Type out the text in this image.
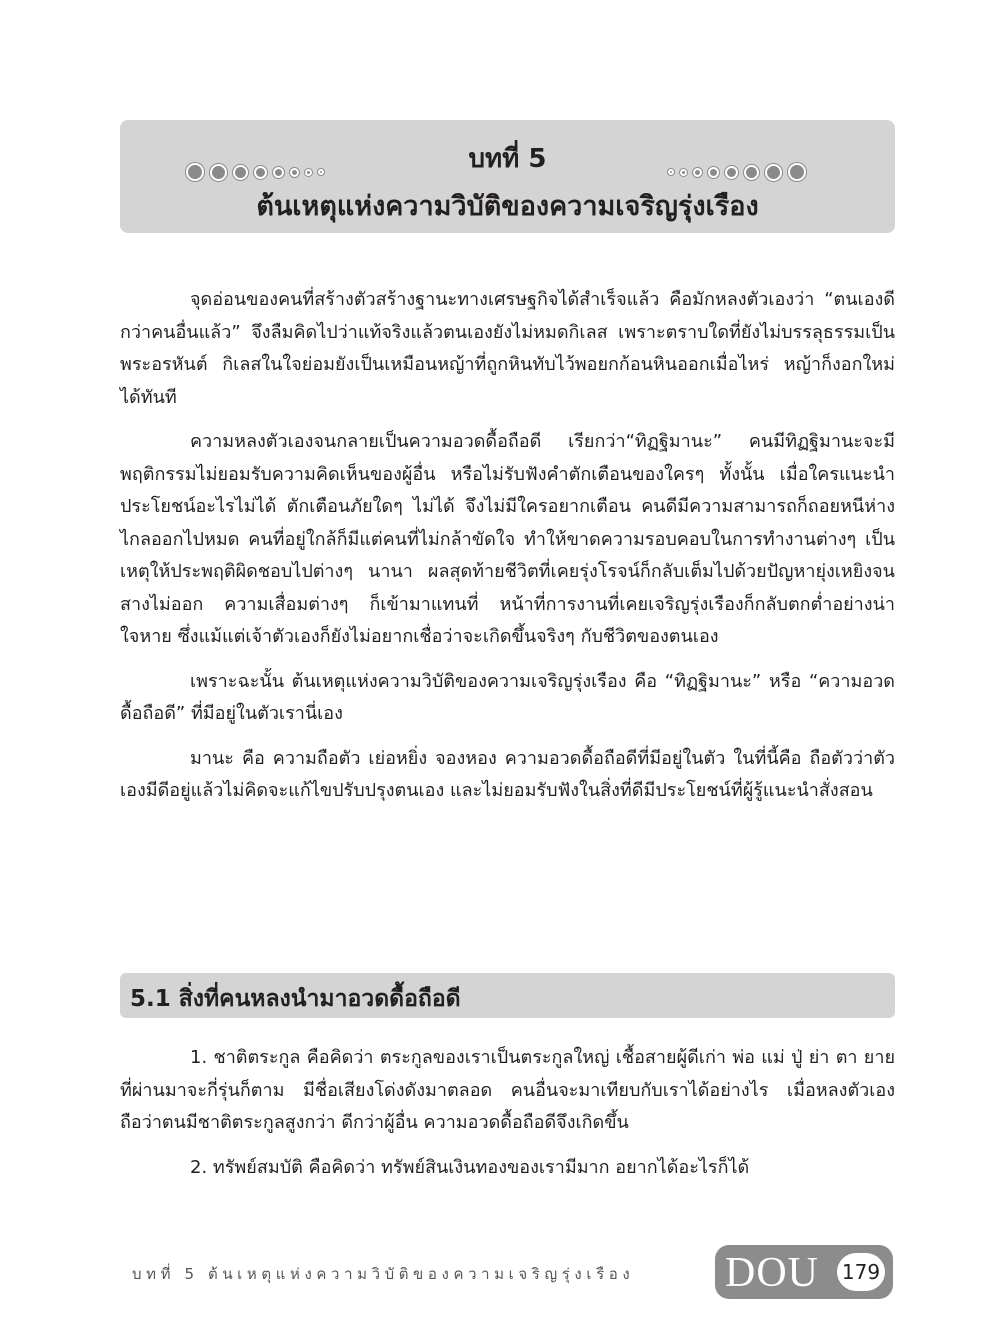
บทที่ 5
ต้นเหตุแห่งความวิบัติของความเจริญรุ่งเรือง

จุดอ่อนของคนที่สร้างตัวสร้างฐานะทางเศรษฐกิจได้สำเร็จแล้ว คือมักหลงตัวเองว่า “ตนเองดีกว่าคนอื่นแล้ว” จึงลืมคิดไปว่าแท้จริงแล้วตนเองยังไม่หมดกิเลส เพราะตราบใดที่ยังไม่บรรลุธรรมเป็นพระอรหันต์ กิเลสในใจย่อมยังเป็นเหมือนหญ้าที่ถูกหินทับไว้พอยกก้อนหินออกเมื่อไหร่ หญ้าก็งอกใหม่ได้ทันที

ความหลงตัวเองจนกลายเป็นความอวดดื้อถือดี เรียกว่า“ทิฏฐิมานะ” คนมีทิฏฐิมานะจะมีพฤติกรรมไม่ยอมรับความคิดเห็นของผู้อื่น หรือไม่รับฟังคำตักเตือนของใครๆ ทั้งนั้น เมื่อใครแนะนำประโยชน์อะไรไม่ได้ ตักเตือนภัยใดๆ ไม่ได้ จึงไม่มีใครอยากเตือน คนดีมีความสามารถก็ถอยหนีห่างไกลออกไปหมด คนที่อยู่ใกล้ก็มีแต่คนที่ไม่กล้าขัดใจ ทำให้ขาดความรอบคอบในการทำงานต่างๆ เป็นเหตุให้ประพฤติผิดชอบไปต่างๆ นานา ผลสุดท้ายชีวิตที่เคยรุ่งโรจน์ก็กลับเต็มไปด้วยปัญหายุ่งเหยิงจนสางไม่ออก ความเสื่อมต่างๆ ก็เข้ามาแทนที่ หน้าที่การงานที่เคยเจริญรุ่งเรืองก็กลับตกต่ำอย่างน่าใจหาย ซึ่งแม้แต่เจ้าตัวเองก็ยังไม่อยากเชื่อว่าจะเกิดขึ้นจริงๆ กับชีวิตของตนเอง

เพราะฉะนั้น ต้นเหตุแห่งความวิบัติของความเจริญรุ่งเรือง คือ “ทิฏฐิมานะ” หรือ “ความอวดดื้อถือดี” ที่มีอยู่ในตัวเรานี่เอง

มานะ คือ ความถือตัว เย่อหยิ่ง จองหอง ความอวดดื้อถือดีที่มีอยู่ในตัว ในที่นี้คือ ถือตัวว่าตัวเองมีดีอยู่แล้วไม่คิดจะแก้ไขปรับปรุงตนเอง และไม่ยอมรับฟังในสิ่งที่ดีมีประโยชน์ที่ผู้รู้แนะนำสั่งสอน

5.1 สิ่งที่คนหลงนำมาอวดดื้อถือดี

1. ชาติตระกูล คือคิดว่า ตระกูลของเราเป็นตระกูลใหญ่ เชื้อสายผู้ดีเก่า พ่อ แม่ ปู่ ย่า ตา ยาย ที่ผ่านมาจะกี่รุ่นก็ตาม มีชื่อเสียงโด่งดังมาตลอด คนอื่นจะมาเทียบกับเราได้อย่างไร เมื่อหลงตัวเองถือว่าตนมีชาติตระกูลสูงกว่า ดีกว่าผู้อื่น ความอวดดื้อถือดีจึงเกิดขึ้น

2. ทรัพย์สมบัติ คือคิดว่า ทรัพย์สินเงินทองของเรามีมาก อยากได้อะไรก็ได้

บทที่ 5 ต้นเหตุแห่งความวิบัติของความเจริญรุ่งเรือง DOU 179
